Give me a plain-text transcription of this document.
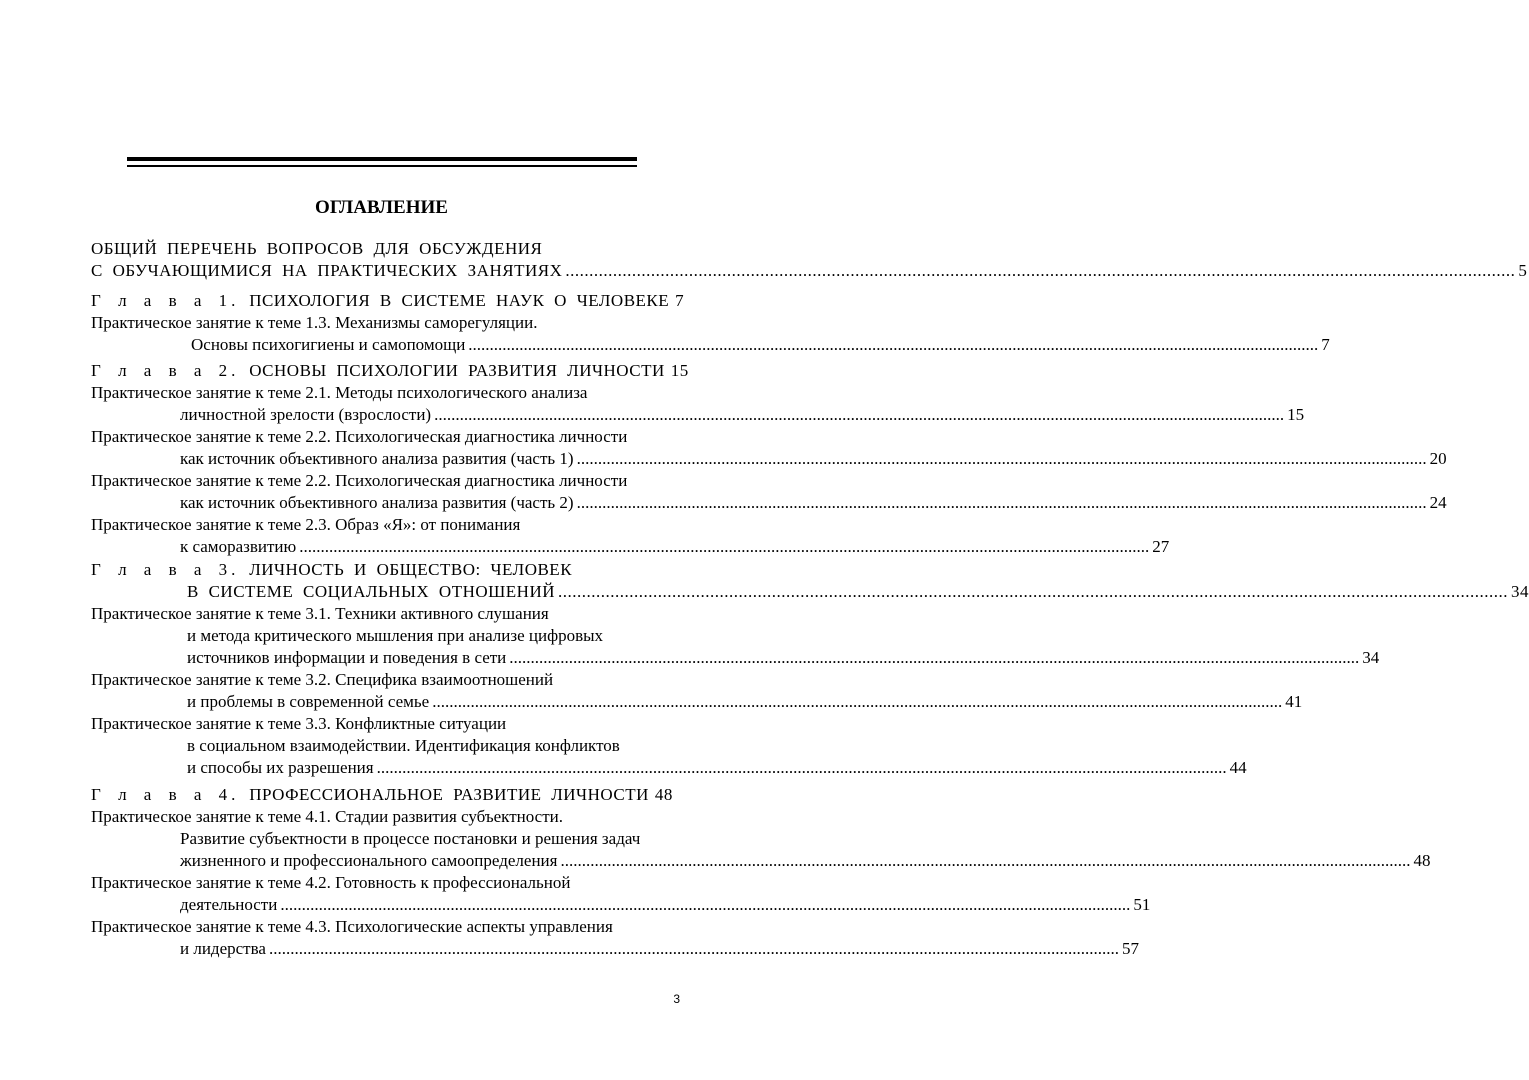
ОГЛАВЛЕНИЕ
ОБЩИЙ ПЕРЕЧЕНЬ ВОПРОСОВ ДЛЯ ОБСУЖДЕНИЯ
С ОБУЧАЮЩИМИСЯ НА ПРАКТИЧЕСКИХ ЗАНЯТИЯХ ........................................................................................................................................................................................................ 5
Г л а в а 1. ПСИХОЛОГИЯ В СИСТЕМЕ НАУК О ЧЕЛОВЕКЕ 7
Практическое занятие к теме 1.3. Механизмы саморегуляции.
Основы психогигиены и самопомощи ........................................................................................................................................................................................................ 7
Г л а в а 2. ОСНОВЫ ПСИХОЛОГИИ РАЗВИТИЯ ЛИЧНОСТИ 15
Практическое занятие к теме 2.1. Методы психологического анализа
личностной зрелости (взрослости) ........................................................................................................................................................................................................ 15
Практическое занятие к теме 2.2. Психологическая диагностика личности
как источник объективного анализа развития (часть 1) ........................................................................................................................................................................................................ 20
Практическое занятие к теме 2.2. Психологическая диагностика личности
как источник объективного анализа развития (часть 2) ........................................................................................................................................................................................................ 24
Практическое занятие к теме 2.3. Образ «Я»: от понимания
к саморазвитию ........................................................................................................................................................................................................ 27
Г л а в а 3. ЛИЧНОСТЬ И ОБЩЕСТВО: ЧЕЛОВЕК
В СИСТЕМЕ СОЦИАЛЬНЫХ ОТНОШЕНИЙ ........................................................................................................................................................................................................ 34
Практическое занятие к теме 3.1. Техники активного слушания
и метода критического мышления при анализе цифровых
источников информации и поведения в сети ........................................................................................................................................................................................................ 34
Практическое занятие к теме 3.2. Специфика взаимоотношений
и проблемы в современной семье ........................................................................................................................................................................................................ 41
Практическое занятие к теме 3.3. Конфликтные ситуации
в социальном взаимодействии. Идентификация конфликтов
и способы их разрешения ........................................................................................................................................................................................................ 44
Г л а в а 4. ПРОФЕССИОНАЛЬНОЕ РАЗВИТИЕ ЛИЧНОСТИ 48
Практическое занятие к теме 4.1. Стадии развития субъектности.
Развитие субъектности в процессе постановки и решения задач
жизненного и профессионального самоопределения ........................................................................................................................................................................................................ 48
Практическое занятие к теме 4.2. Готовность к профессиональной
деятельности ........................................................................................................................................................................................................ 51
Практическое занятие к теме 4.3. Психологические аспекты управления
и лидерства ........................................................................................................................................................................................................ 57
3
